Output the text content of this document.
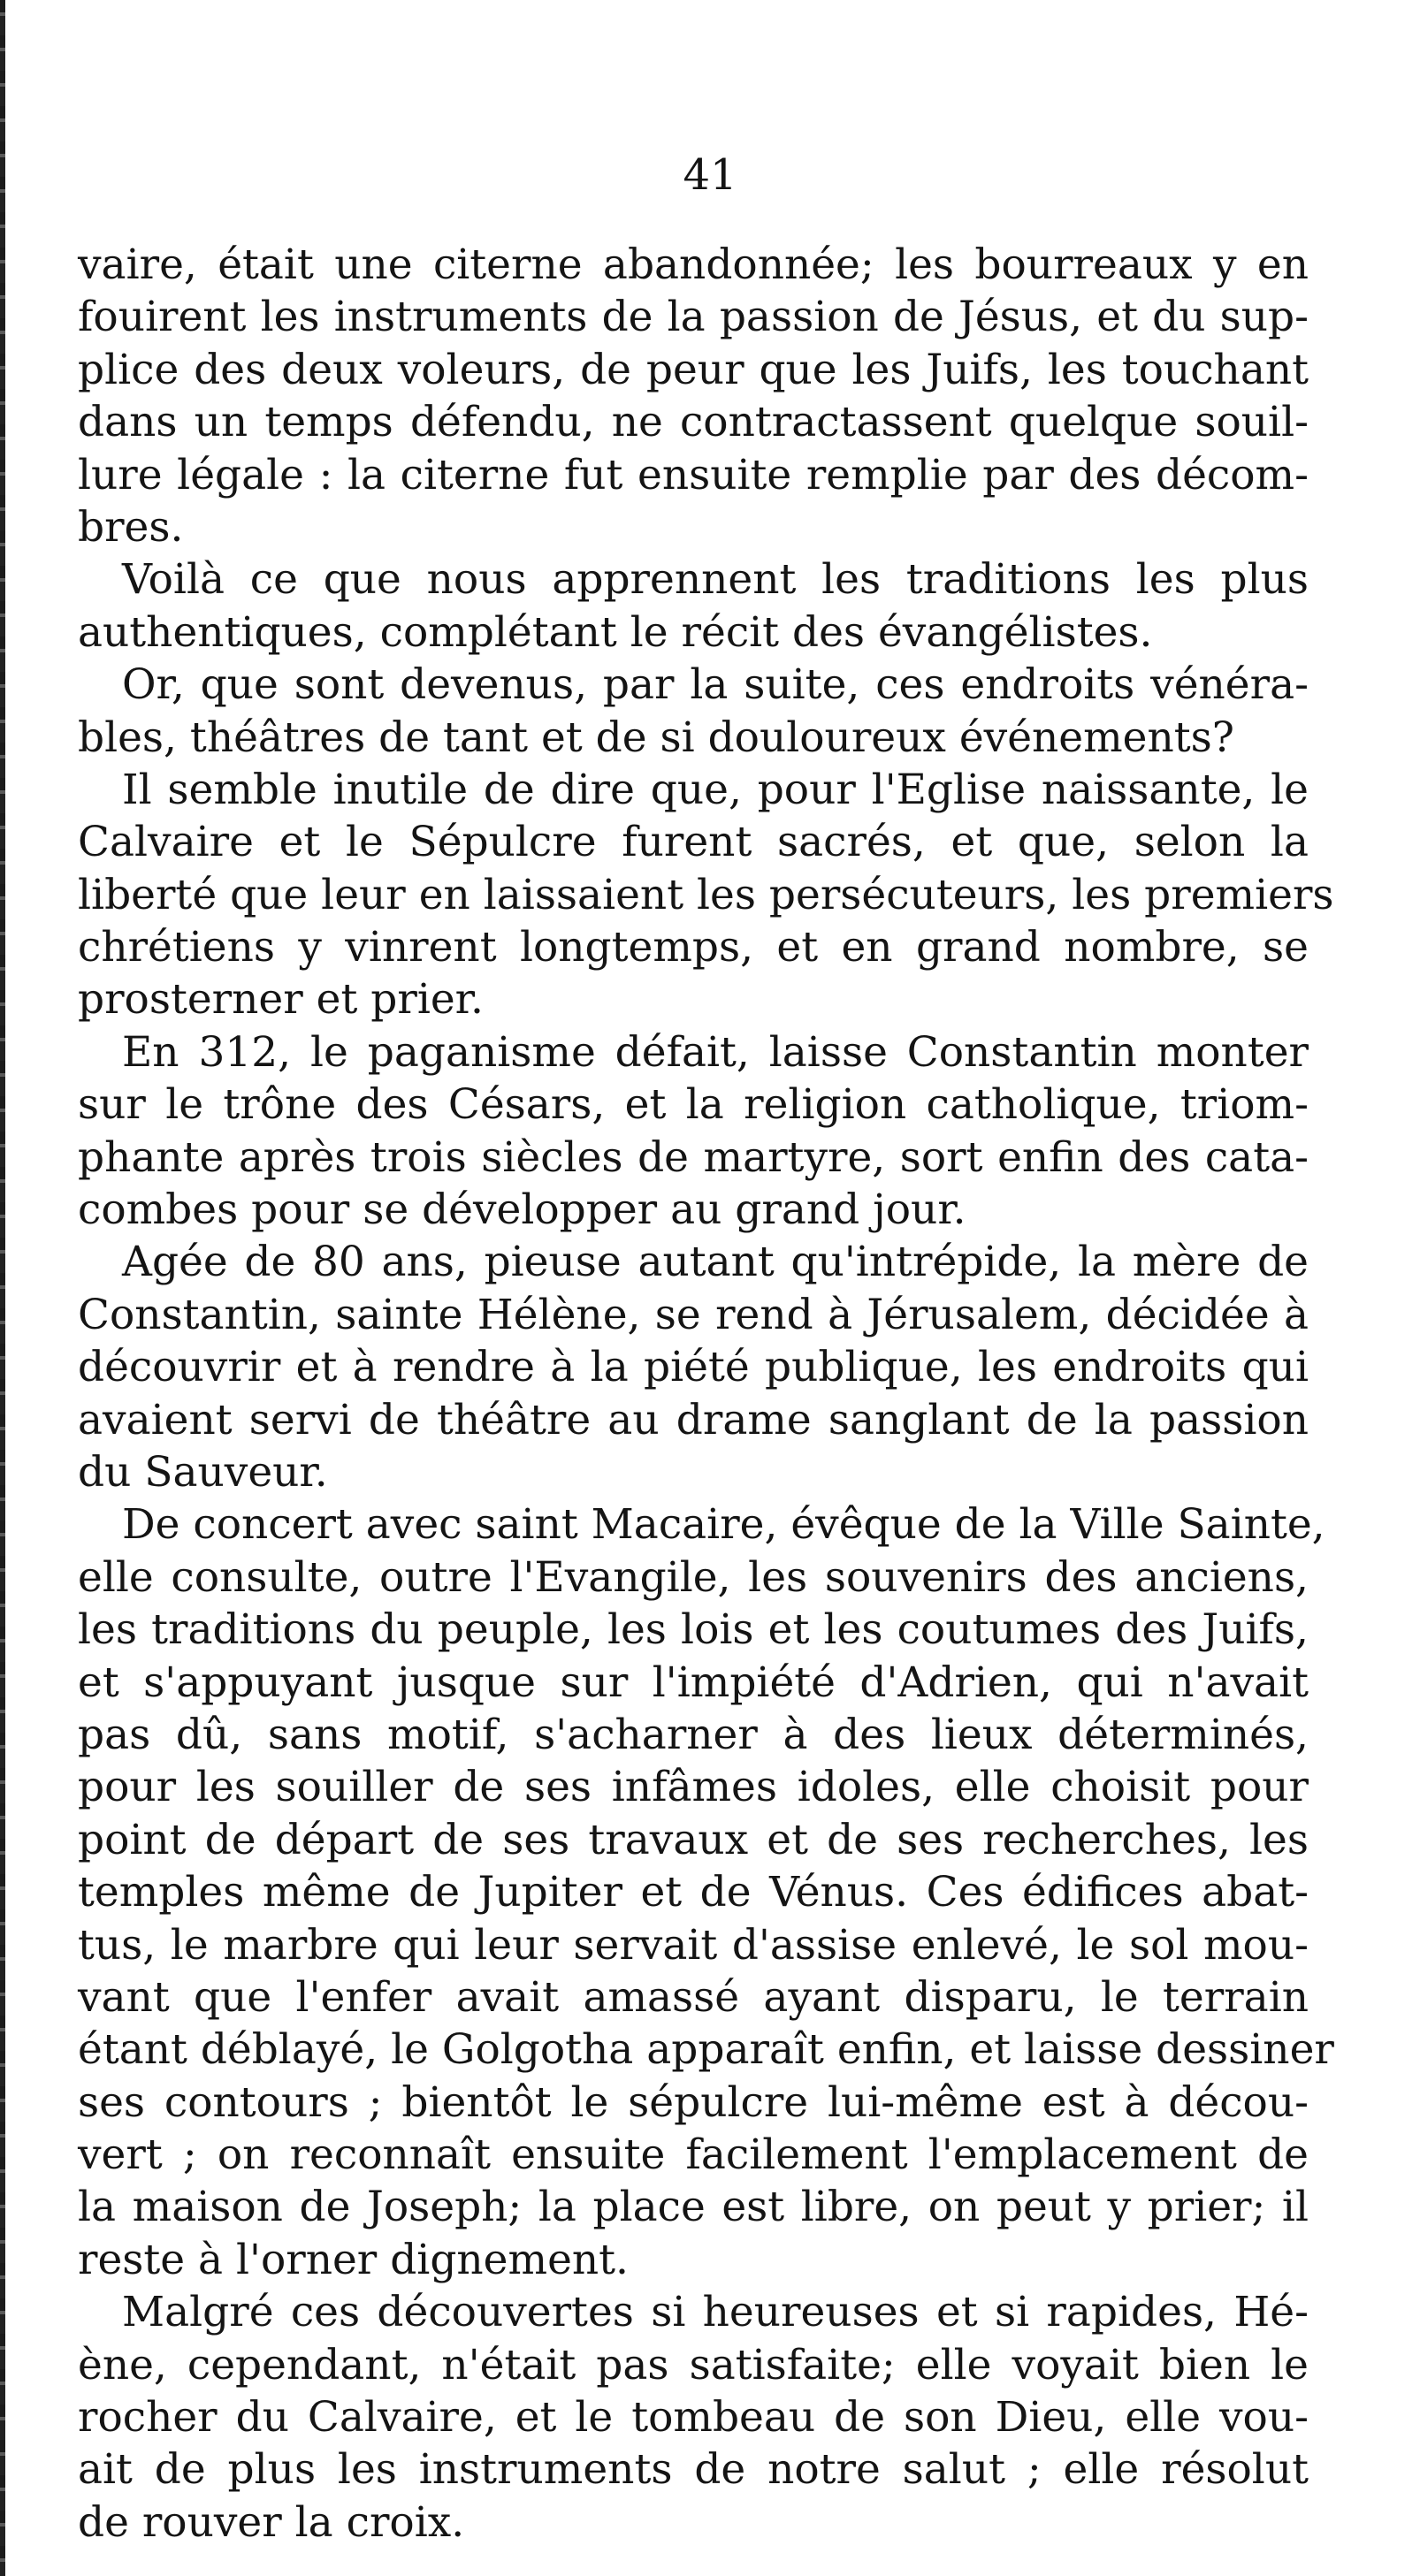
41
vaire, était une citerne abandonnée; les bourreaux y en
fouirent les instruments de la passion de Jésus, et du sup-
plice des deux voleurs, de peur que les Juifs, les touchant
dans un temps défendu, ne contractassent quelque souil-
lure légale : la citerne fut ensuite remplie par des décom-
bres.
Voilà ce que nous apprennent les traditions les plus
authentiques, complétant le récit des évangélistes.
Or, que sont devenus, par la suite, ces endroits vénéra-
bles, théâtres de tant et de si douloureux événements?
Il semble inutile de dire que, pour l'Eglise naissante, le
Calvaire et le Sépulcre furent sacrés, et que, selon la
liberté que leur en laissaient les persécuteurs, les premiers
chrétiens y vinrent longtemps, et en grand nombre, se
prosterner et prier.
En 312, le paganisme défait, laisse Constantin monter
sur le trône des Césars, et la religion catholique, triom-
phante après trois siècles de martyre, sort enfin des cata-
combes pour se développer au grand jour.
Agée de 80 ans, pieuse autant qu'intrépide, la mère de
Constantin, sainte Hélène, se rend à Jérusalem, décidée à
découvrir et à rendre à la piété publique, les endroits qui
avaient servi de théâtre au drame sanglant de la passion
du Sauveur.
De concert avec saint Macaire, évêque de la Ville Sainte,
elle consulte, outre l'Evangile, les souvenirs des anciens,
les traditions du peuple, les lois et les coutumes des Juifs,
et s'appuyant jusque sur l'impiété d'Adrien, qui n'avait
pas dû, sans motif, s'acharner à des lieux déterminés,
pour les souiller de ses infâmes idoles, elle choisit pour
point de départ de ses travaux et de ses recherches, les
temples même de Jupiter et de Vénus. Ces édifices abat-
tus, le marbre qui leur servait d'assise enlevé, le sol mou-
vant que l'enfer avait amassé ayant disparu, le terrain
étant déblayé, le Golgotha apparaît enfin, et laisse dessiner
ses contours ; bientôt le sépulcre lui-même est à décou-
vert ; on reconnaît ensuite facilement l'emplacement de
la maison de Joseph; la place est libre, on peut y prier; il
reste à l'orner dignement.
Malgré ces découvertes si heureuses et si rapides, Hé-
ène, cependant, n'était pas satisfaite; elle voyait bien le
rocher du Calvaire, et le tombeau de son Dieu, elle vou-
ait de plus les instruments de notre salut ; elle résolut
de rouver la croix.
